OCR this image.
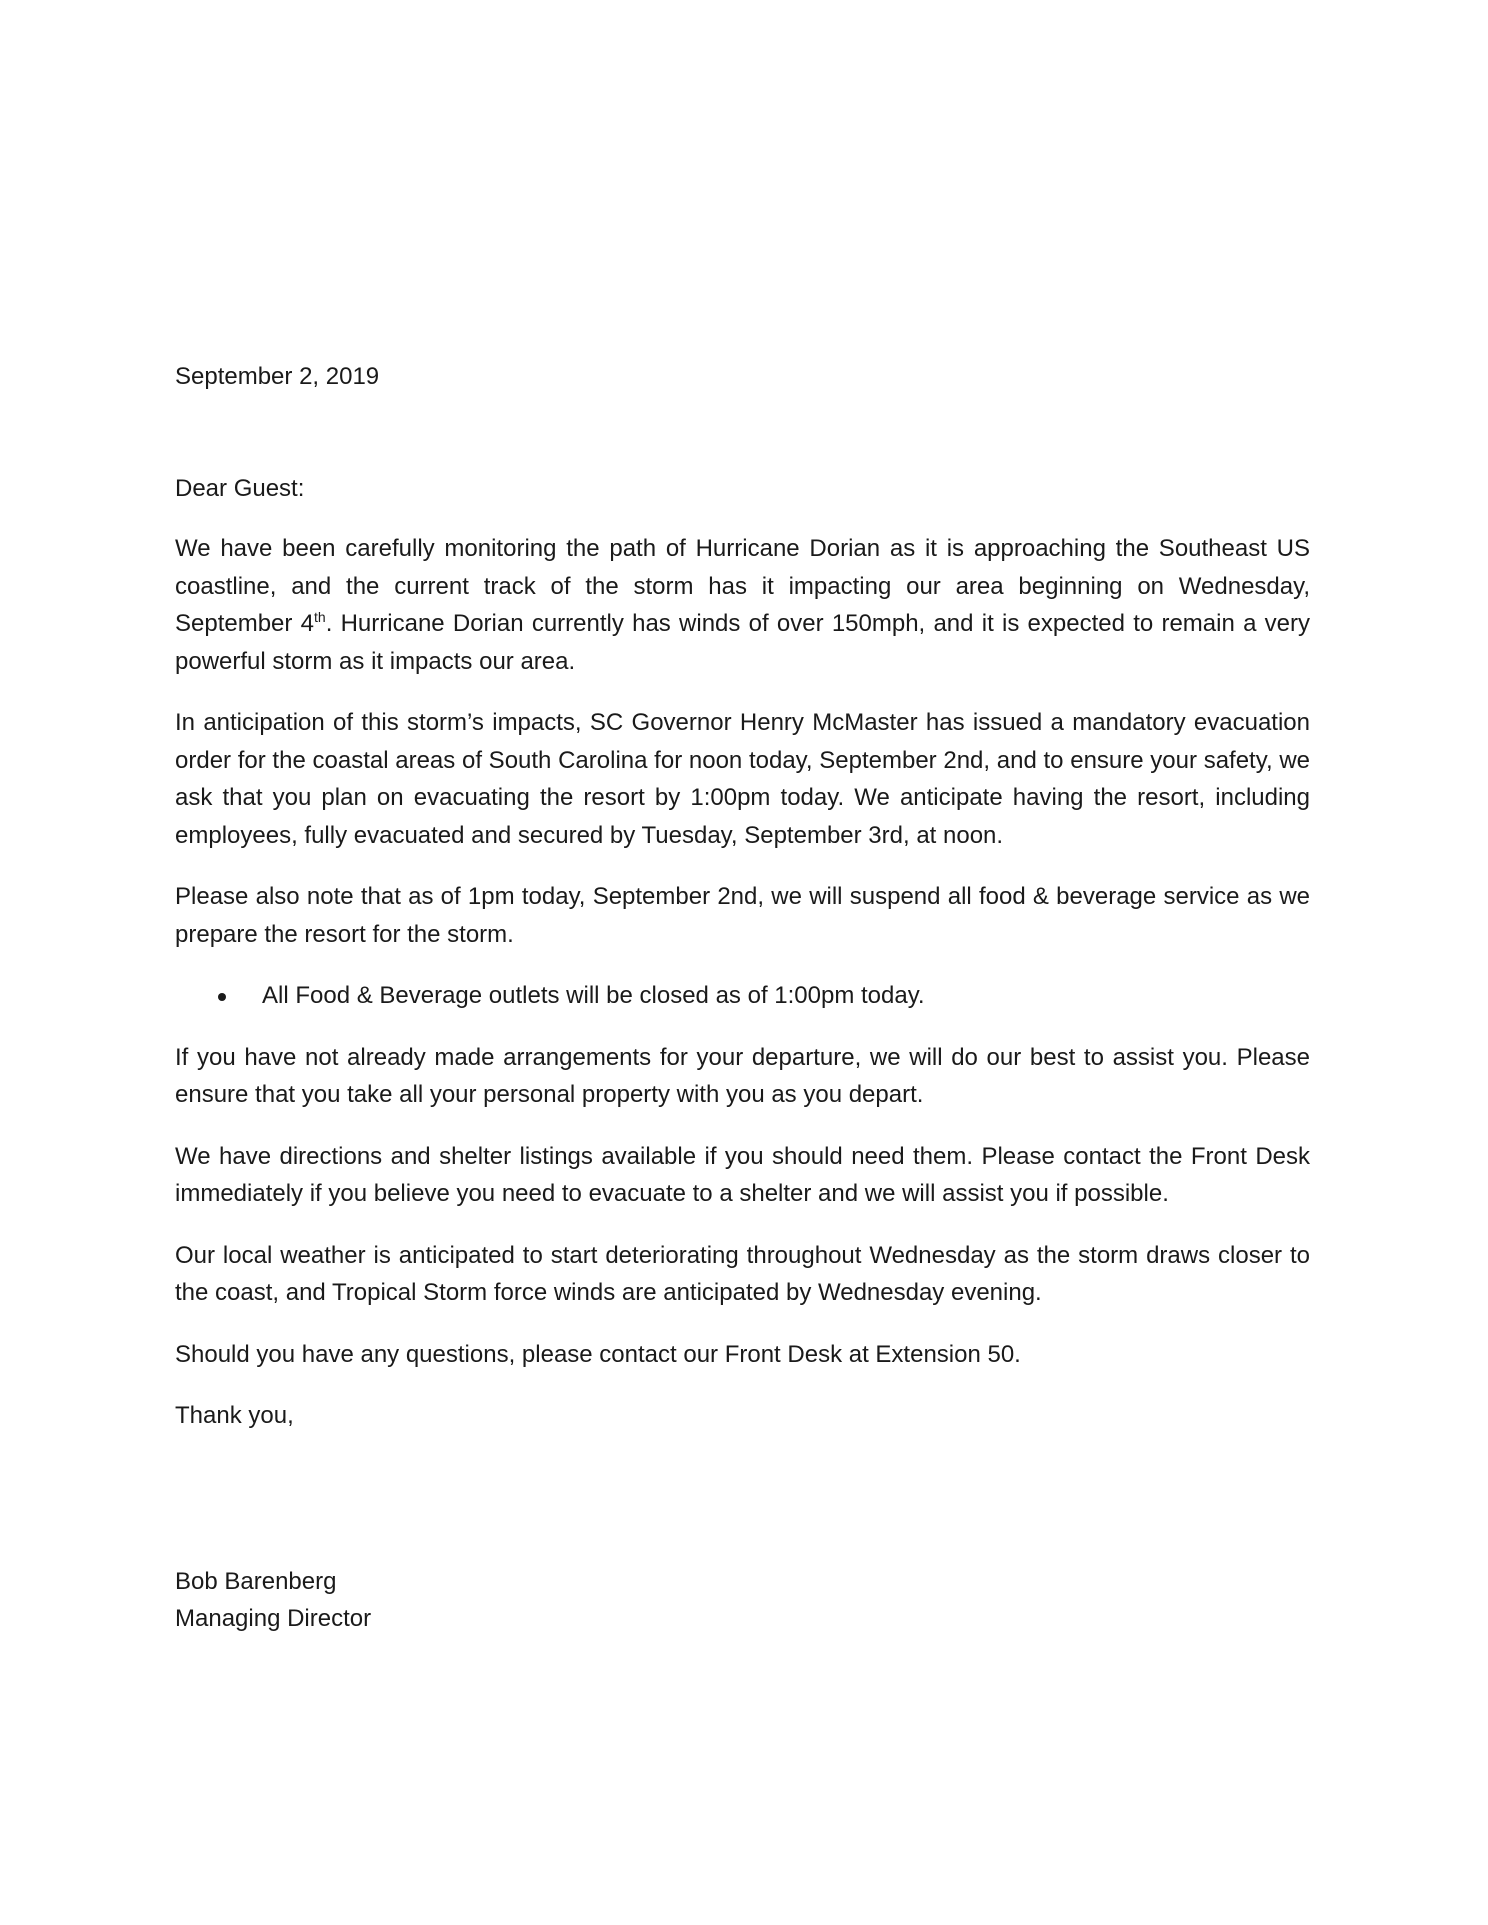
September 2, 2019

Dear Guest:

We have been carefully monitoring the path of Hurricane Dorian as it is approaching the Southeast US coastline, and the current track of the storm has it impacting our area beginning on Wednesday, September 4th. Hurricane Dorian currently has winds of over 150mph, and it is expected to remain a very powerful storm as it impacts our area.

In anticipation of this storm’s impacts, SC Governor Henry McMaster has issued a mandatory evacuation order for the coastal areas of South Carolina for noon today, September 2nd, and to ensure your safety, we ask that you plan on evacuating the resort by 1:00pm today. We anticipate having the resort, including employees, fully evacuated and secured by Tuesday, September 3rd, at noon.

Please also note that as of 1pm today, September 2nd, we will suspend all food & beverage service as we prepare the resort for the storm.

All Food & Beverage outlets will be closed as of 1:00pm today.

If you have not already made arrangements for your departure, we will do our best to assist you. Please ensure that you take all your personal property with you as you depart.

We have directions and shelter listings available if you should need them. Please contact the Front Desk immediately if you believe you need to evacuate to a shelter and we will assist you if possible.

Our local weather is anticipated to start deteriorating throughout Wednesday as the storm draws closer to the coast, and Tropical Storm force winds are anticipated by Wednesday evening.

Should you have any questions, please contact our Front Desk at Extension 50.

Thank you,

Bob Barenberg

Managing Director
